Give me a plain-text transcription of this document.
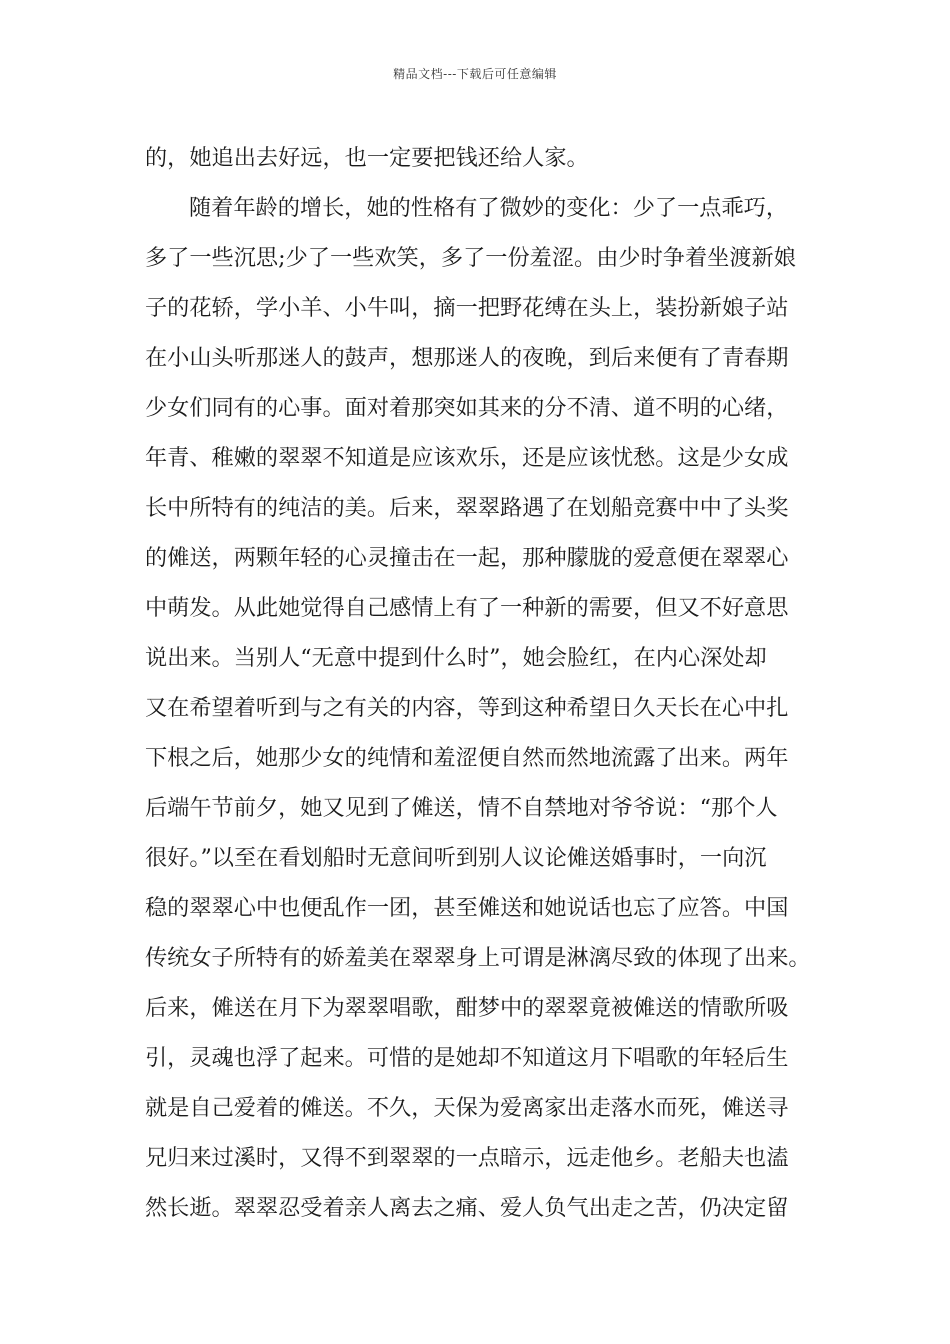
精品文档---下载后可任意编辑
的，她追出去好远，也一定要把钱还给人家。
随着年龄的增长，她的性格有了微妙的变化：少了一点乖巧，
多了一些沉思;少了一些欢笑，多了一份羞涩。由少时争着坐渡新娘
子的花轿，学小羊、小牛叫，摘一把野花缚在头上，装扮新娘子站
在小山头听那迷人的鼓声，想那迷人的夜晚，到后来便有了青春期
少女们同有的心事。面对着那突如其来的分不清、道不明的心绪，
年青、稚嫩的翠翠不知道是应该欢乐，还是应该忧愁。这是少女成
长中所特有的纯洁的美。后来，翠翠路遇了在划船竞赛中中了头奖
的傩送，两颗年轻的心灵撞击在一起，那种朦胧的爱意便在翠翠心
中萌发。从此她觉得自己感情上有了一种新的需要，但又不好意思
说出来。当别人“无意中提到什么时”，她会脸红，在内心深处却
又在希望着听到与之有关的内容，等到这种希望日久天长在心中扎
下根之后，她那少女的纯情和羞涩便自然而然地流露了出来。两年
后端午节前夕，她又见到了傩送，情不自禁地对爷爷说：“那个人
很好。”以至在看划船时无意间听到别人议论傩送婚事时，一向沉
稳的翠翠心中也便乱作一团，甚至傩送和她说话也忘了应答。中国
传统女子所特有的娇羞美在翠翠身上可谓是淋漓尽致的体现了出来。
后来，傩送在月下为翠翠唱歌，酣梦中的翠翠竟被傩送的情歌所吸
引，灵魂也浮了起来。可惜的是她却不知道这月下唱歌的年轻后生
就是自己爱着的傩送。不久，天保为爱离家出走落水而死，傩送寻
兄归来过溪时，又得不到翠翠的一点暗示，远走他乡。老船夫也溘
然长逝。翠翠忍受着亲人离去之痛、爱人负气出走之苦，仍决定留
